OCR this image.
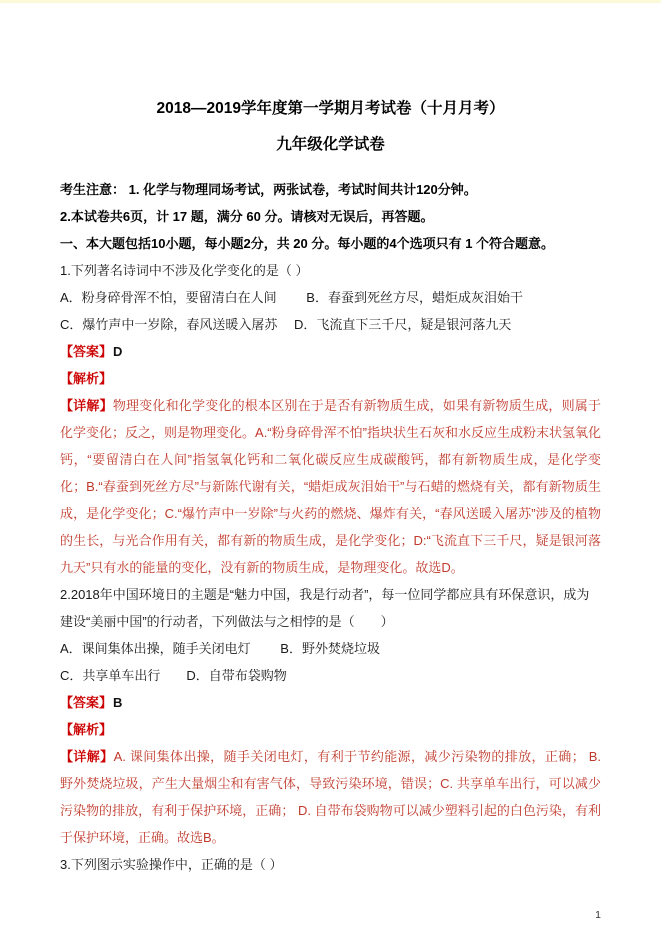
2018—2019学年度第一学期月考试卷（十月月考）
九年级化学试卷

考生注意： 1. 化学与物理同场考试，两张试卷，考试时间共计120分钟。

2.本试卷共6页，计 17 题，满分 60 分。请核对无误后，再答题。

一、本大题包括10小题，每小题2分，共 20 分。每小题的4个选项只有 1 个符合题意。

1.下列著名诗词中不涉及化学变化的是（ ）

A．粉身碎骨浑不怕，要留清白在人间　　 B．春蚕到死丝方尽，蜡炬成灰泪始干

C．爆竹声中一岁除，春风送暖入屠苏　 D．飞流直下三千尺，疑是银河落九天

【答案】D

【解析】

【详解】物理变化和化学变化的根本区别在于是否有新物质生成，如果有新物质生成，则属于化学变化；反之，则是物理变化。A.“粉身碎骨浑不怕”指块状生石灰和水反应生成粉末状氢氧化钙，“要留清白在人间”指氢氧化钙和二氧化碳反应生成碳酸钙，都有新物质生成，是化学变化；B.“春蚕到死丝方尽”与新陈代谢有关，“蜡炬成灰泪始干”与石蜡的燃烧有关，都有新物质生成，是化学变化；C.“爆竹声中一岁除”与火药的燃烧、爆炸有关，“春风送暖入屠苏”涉及的植物的生长，与光合作用有关，都有新的物质生成，是化学变化；D:“飞流直下三千尺，疑是银河落九天”只有水的能量的变化，没有新的物质生成，是物理变化。故选D。

2.2018年中国环境日的主题是“魅力中国，我是行动者”，每一位同学都应具有环保意识，成为建设“美丽中国”的行动者，下列做法与之相悖的是（　　）

A．课间集体出操，随手关闭电灯　　 B．野外焚烧垃圾

C．共享单车出行　　D．自带布袋购物

【答案】B

【解析】

【详解】A. 课间集体出操，随手关闭电灯，有利于节约能源，减少污染物的排放，正确； B. 野外焚烧垃圾，产生大量烟尘和有害气体，导致污染环境，错误；C. 共享单车出行，可以减少污染物的排放，有利于保护环境，正确； D. 自带布袋购物可以减少塑料引起的白色污染，有利于保护环境，正确。故选B。

3.下列图示实验操作中，正确的是（ ）

1
